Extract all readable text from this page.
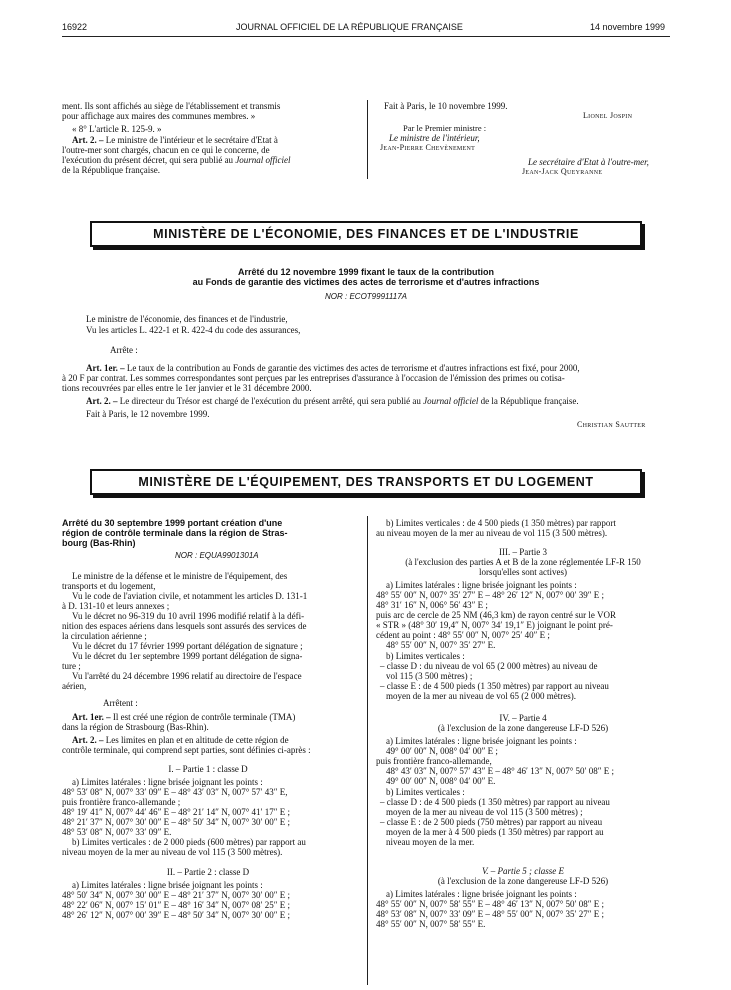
16922	JOURNAL OFFICIEL DE LA RÉPUBLIQUE FRANÇAISE	14 novembre 1999
ment. Ils sont affichés au siège de l'établissement et transmis
pour affichage aux maires des communes membres. »
« 8° L'article R. 125-9. »
Art. 2. – Le ministre de l'intérieur et le secrétaire d'Etat à
l'outre-mer sont chargés, chacun en ce qui le concerne, de
l'exécution du présent décret, qui sera publié au Journal officiel
de la République française.
Fait à Paris, le 10 novembre 1999.
Lionel Jospin
Par le Premier ministre :
Le ministre de l'intérieur,
Jean-Pierre Chevènement
Le secrétaire d'Etat à l'outre-mer,
Jean-Jack Queyranne
MINISTÈRE DE L'ÉCONOMIE, DES FINANCES ET DE L'INDUSTRIE
Arrêté du 12 novembre 1999 fixant le taux de la contribution
au Fonds de garantie des victimes des actes de terrorisme et d'autres infractions
NOR : ECOT9991117A
Le ministre de l'économie, des finances et de l'industrie,
Vu les articles L. 422-1 et R. 422-4 du code des assurances,
Arrête :
Art. 1er. – Le taux de la contribution au Fonds de garantie des victimes des actes de terrorisme et d'autres infractions est fixé, pour 2000,
à 20 F par contrat. Les sommes correspondantes sont perçues par les entreprises d'assurance à l'occasion de l'émission des primes ou cotisa-
tions recouvrées par elles entre le 1er janvier et le 31 décembre 2000.
Art. 2. – Le directeur du Trésor est chargé de l'exécution du présent arrêté, qui sera publié au Journal officiel de la République française.
Fait à Paris, le 12 novembre 1999.
Christian Sautter
MINISTÈRE DE L'ÉQUIPEMENT, DES TRANSPORTS ET DU LOGEMENT
Arrêté du 30 septembre 1999 portant création d'une
région de contrôle terminale dans la région de Stras-
bourg (Bas-Rhin)
NOR : EQUA9901301A
Le ministre de la défense et le ministre de l'équipement, des
transports et du logement,
Vu le code de l'aviation civile, et notamment les articles D. 131-1
à D. 131-10 et leurs annexes ;
Vu le décret no 96-319 du 10 avril 1996 modifié relatif à la défi-
nition des espaces aériens dans lesquels sont assurés des services de
la circulation aérienne ;
Vu le décret du 17 février 1999 portant délégation de signature ;
Vu le décret du 1er septembre 1999 portant délégation de signa-
ture ;
Vu l'arrêté du 24 décembre 1996 relatif au directoire de l'espace
aérien,
Arrêtent :
Art. 1er. – Il est créé une région de contrôle terminale (TMA)
dans la région de Strasbourg (Bas-Rhin).
Art. 2. – Les limites en plan et en altitude de cette région de
contrôle terminale, qui comprend sept parties, sont définies ci-après :
I. – Partie 1 : classe D
a) Limites latérales : ligne brisée joignant les points :
48° 53′ 08″ N, 007° 33′ 09″ E – 48° 43′ 03″ N, 007° 57′ 43″ E,
puis frontière franco-allemande ;
48° 19′ 41″ N, 007° 44′ 46″ E – 48° 21′ 14″ N, 007° 41′ 17″ E ;
48° 21′ 37″ N, 007° 30′ 00″ E – 48° 50′ 34″ N, 007° 30′ 00″ E ;
48° 53′ 08″ N, 007° 33′ 09″ E.
b) Limites verticales : de 2 000 pieds (600 mètres) par rapport au
niveau moyen de la mer au niveau de vol 115 (3 500 mètres).
II. – Partie 2 : classe D
a) Limites latérales : ligne brisée joignant les points :
48° 50′ 34″ N, 007° 30′ 00″ E – 48° 21′ 37″ N, 007° 30′ 00″ E ;
48° 22′ 06″ N, 007° 15′ 01″ E – 48° 16′ 34″ N, 007° 08′ 25″ E ;
48° 26′ 12″ N, 007° 00′ 39″ E – 48° 50′ 34″ N, 007° 30′ 00″ E ;
b) Limites verticales : de 4 500 pieds (1 350 mètres) par rapport
au niveau moyen de la mer au niveau de vol 115 (3 500 mètres).
III. – Partie 3
(à l'exclusion des parties A et B de la zone réglementée LF-R 150
lorsqu'elles sont actives)
a) Limites latérales : ligne brisée joignant les points :
48° 55′ 00″ N, 007° 35′ 27″ E – 48° 26′ 12″ N, 007° 00′ 39″ E ;
48° 31′ 16″ N, 006° 56′ 43″ E ;
puis arc de cercle de 25 NM (46,3 km) de rayon centré sur le VOR
« STR » (48° 30′ 19,4″ N, 007° 34′ 19,1″ E) joignant le point pré-
cédent au point : 48° 55′ 00″ N, 007° 25′ 40″ E ;
48° 55′ 00″ N, 007° 35′ 27″ E.
b) Limites verticales :
– classe D : du niveau de vol 65 (2 000 mètres) au niveau de
vol 115 (3 500 mètres) ;
– classe E : de 4 500 pieds (1 350 mètres) par rapport au niveau
moyen de la mer au niveau de vol 65 (2 000 mètres).
IV. – Partie 4
(à l'exclusion de la zone dangereuse LF-D 526)
a) Limites latérales : ligne brisée joignant les points :
49° 00′ 00″ N, 008° 04′ 00″ E ;
puis frontière franco-allemande,
48° 43′ 03″ N, 007° 57′ 43″ E – 48° 46′ 13″ N, 007° 50′ 08″ E ;
49° 00′ 00″ N, 008° 04′ 00″ E.
b) Limites verticales :
– classe D : de 4 500 pieds (1 350 mètres) par rapport au niveau
moyen de la mer au niveau de vol 115 (3 500 mètres) ;
– classe E : de 2 500 pieds (750 mètres) par rapport au niveau
moyen de la mer à 4 500 pieds (1 350 mètres) par rapport au
niveau moyen de la mer.
V. – Partie 5 ; classe E
(à l'exclusion de la zone dangereuse LF-D 526)
a) Limites latérales : ligne brisée joignant les points :
48° 55′ 00″ N, 007° 58′ 55″ E – 48° 46′ 13″ N, 007° 50′ 08″ E ;
48° 53′ 08″ N, 007° 33′ 09″ E – 48° 55′ 00″ N, 007° 35′ 27″ E ;
48° 55′ 00″ N, 007° 58′ 55″ E.
